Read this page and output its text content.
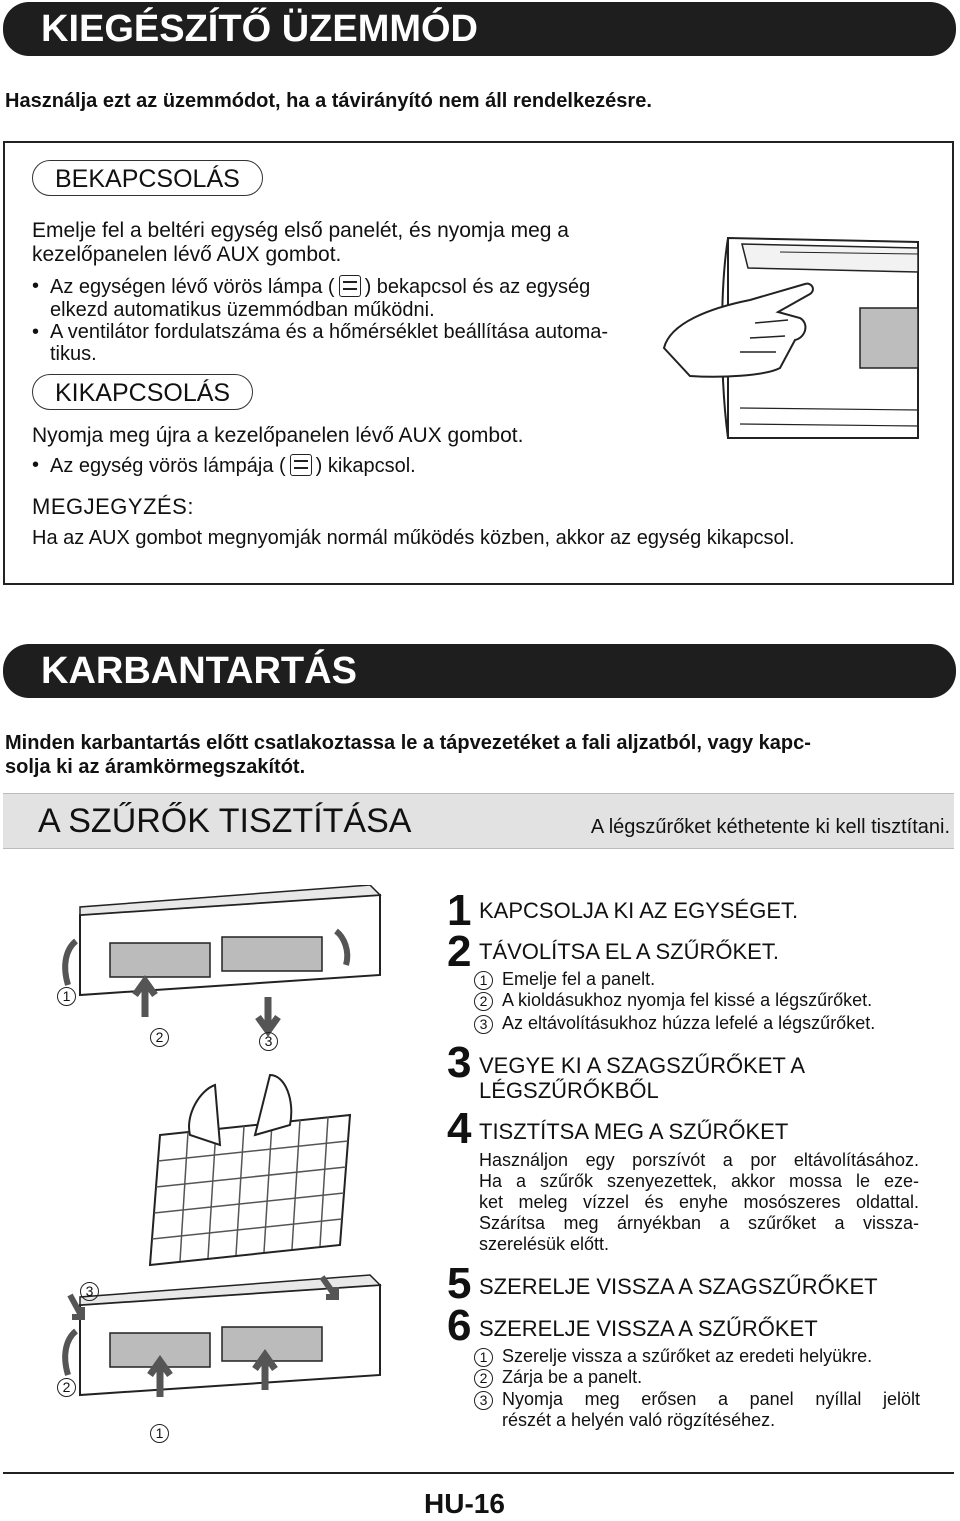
KIEGÉSZÍTŐ ÜZEMMÓD
Használja ezt az üzemmódot, ha a távirányító nem áll rendelkezésre.
BEKAPCSOLÁS
Emelje fel a beltéri egység első panelét, és nyomja meg a
kezelőpanelen lévő AUX gombot.
• Az egységen lévő vörös lámpa ( ) bekapcsol és az egység
elkezd automatikus üzemmódban működni.
• A ventilátor fordulatszáma és a hőmérséklet beállítása automa-
tikus.
KIKAPCSOLÁS
Nyomja meg újra a kezelőpanelen lévő AUX gombot.
• Az egység vörös lámpája ( ) kikapcsol.
MEGJEGYZÉS:
Ha az AUX gombot megnyomják normál működés közben, akkor az egység kikapcsol.
KARBANTARTÁS
Minden karbantartás előtt csatlakoztassa le a tápvezetéket a fali aljzatból, vagy kapc-
solja ki az áramkörmegszakítót.
A SZŰRŐK TISZTÍTÁSA	A légszűrőket kéthetente ki kell tisztítani.
1
2	3
3
2
1
1 KAPCSOLJA KI AZ EGYSÉGET.
2 TÁVOLÍTSA EL A SZŰRŐKET.
1 Emelje fel a panelt.
2 A kioldásukhoz nyomja fel kissé a légszűrőket.
3 Az eltávolításukhoz húzza lefelé a légszűrőket.
3 VEGYE KI A SZAGSZŰRŐKET A
LÉGSZŰRŐKBŐL
4 TISZTÍTSA MEG A SZŰRŐKET
Használjon egy porszívót a por eltávolításához.
Ha a szűrők szenyezettek, akkor mossa le eze-
ket meleg vízzel és enyhe mosószeres oldattal.
Szárítsa meg árnyékban a szűrőket a vissza-
szerelésük előtt.
5 SZERELJE VISSZA A SZAGSZŰRŐKET
6 SZERELJE VISSZA A SZŰRŐKET
1 Szerelje vissza a szűrőket az eredeti helyükre.
2 Zárja be a panelt.
3 Nyomja meg erősen a panel nyíllal jelölt
részét a helyén való rögzítéséhez.
HU-16
